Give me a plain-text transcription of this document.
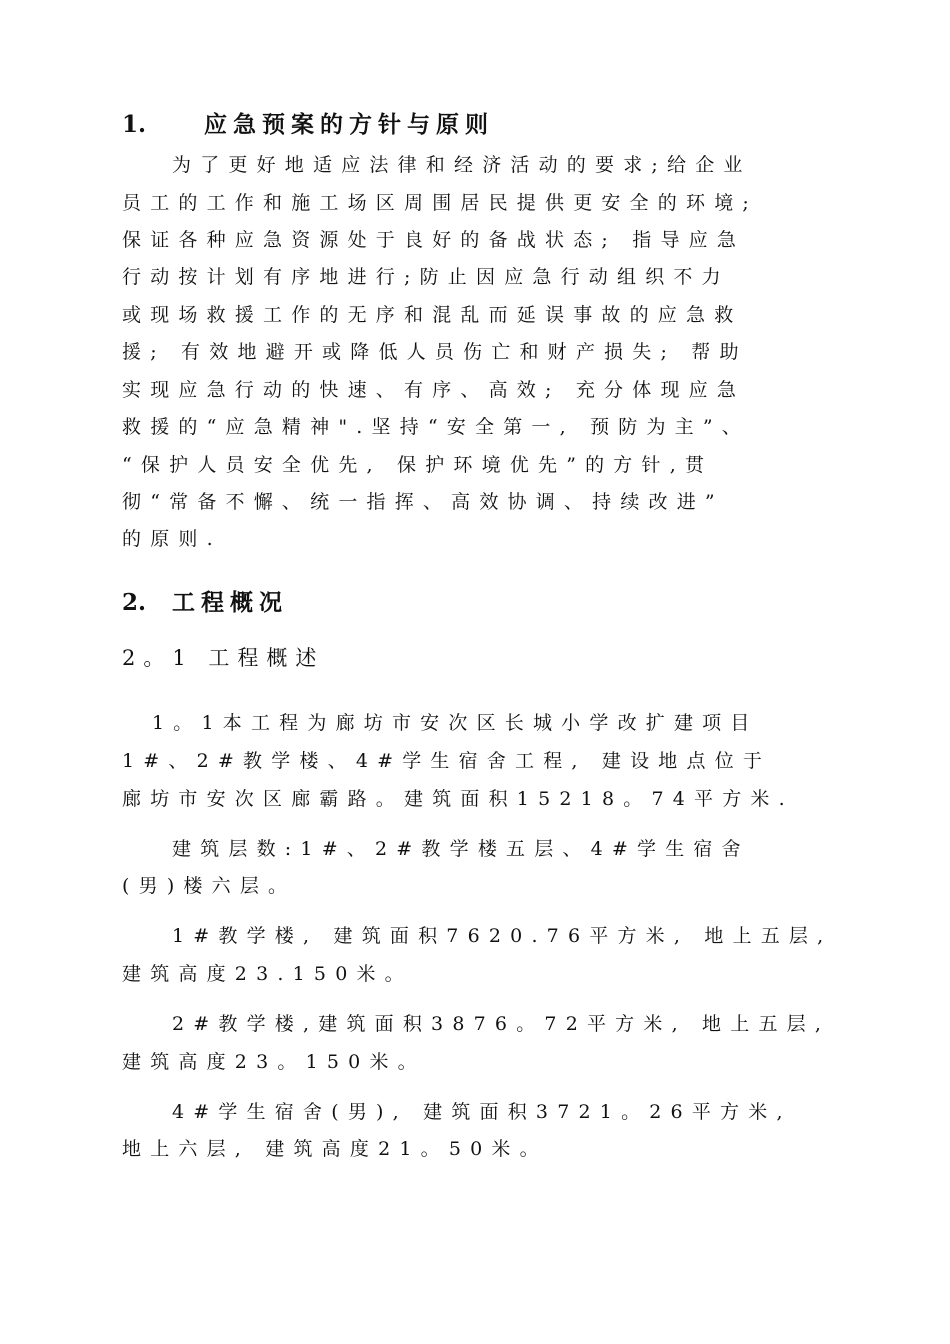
1.	应急预案的方针与原则
为了更好地适应法律和经济活动的要求;给企业
员工的工作和施工场区周围居民提供更安全的环境;
保证各种应急资源处于良好的备战状态; 指导应急
行动按计划有序地进行;防止因应急行动组织不力
或现场救援工作的无序和混乱而延误事故的应急救
援; 有效地避开或降低人员伤亡和财产损失; 帮助
实现应急行动的快速、有序、高效; 充分体现应急
救援的“应急精神".坚持“安全第一, 预防为主”、
“保护人员安全优先, 保护环境优先”的方针,贯
彻“常备不懈、统一指挥、高效协调、持续改进”
的原则.
2. 工程概况
2。1 工程概述
1。1本工程为廊坊市安次区长城小学改扩建项目
1#、2#教学楼、4#学生宿舍工程, 建设地点位于
廊坊市安次区廊霸路。建筑面积15218。74平方米.
建筑层数:1#、2#教学楼五层、4#学生宿舍
(男)楼六层。
1#教学楼, 建筑面积7620.76平方米, 地上五层,
建筑高度23.150米。
2#教学楼,建筑面积3876。72平方米, 地上五层,
建筑高度23。150米。
4#学生宿舍(男), 建筑面积3721。26平方米,
地上六层, 建筑高度21。50米。
